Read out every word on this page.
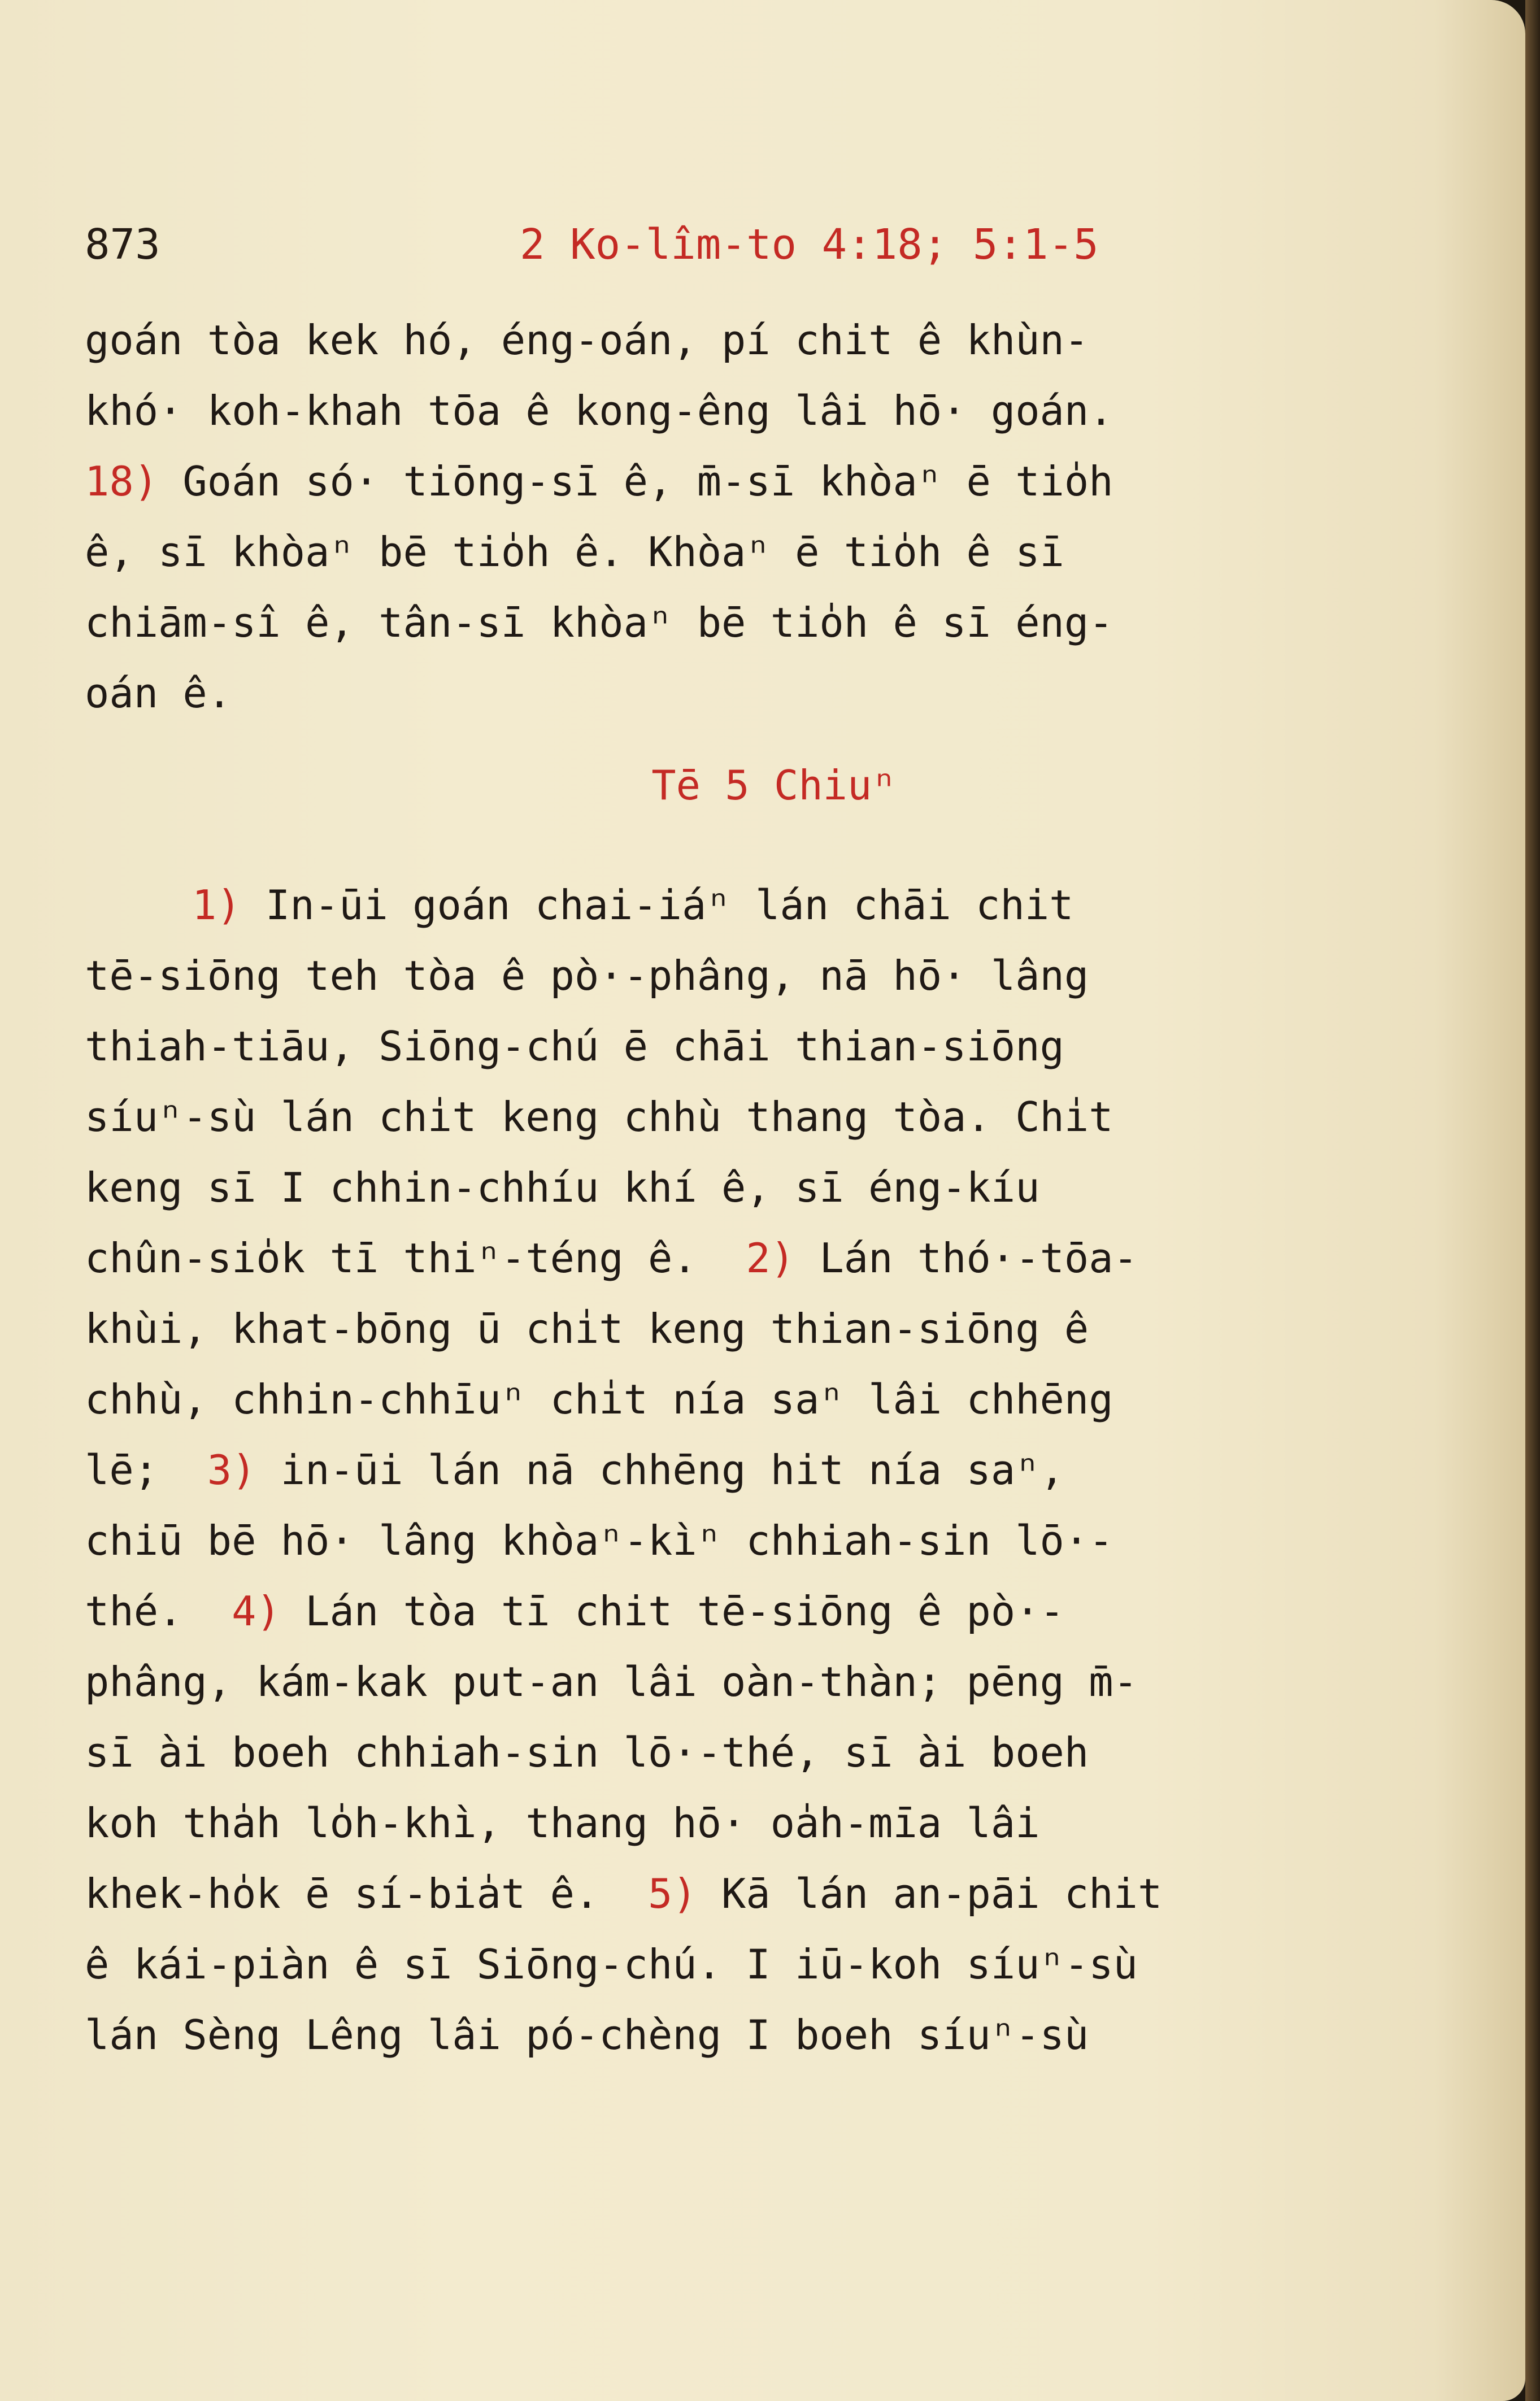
873	2 Ko-lîm-to 4:18; 5:1-5
goán tòa kek hó, éng-oán, pí chit ê khùn-
khó· koh-khah tōa ê kong-êng lâi hō· goán.
18) Goán só· tiōng-sī ê, m̄-sī khòaⁿ ē tio̍h
ê, sī khòaⁿ bē tio̍h ê. Khòaⁿ ē tio̍h ê sī
chiām-sî ê, tân-sī khòaⁿ bē tio̍h ê sī éng-
oán ê.
Tē 5 Chiuⁿ
1) In-ūi goán chai-iáⁿ lán chāi chit
tē-siōng teh tòa ê pò·-phâng, nā hō· lâng
thiah-tiāu, Siōng-chú ē chāi thian-siōng
síuⁿ-sù lán chi̍t keng chhù thang tòa. Chi̍t
keng sī I chhin-chhíu khí ê, sī éng-kíu
chûn-sio̍k tī thiⁿ-téng ê.  2) Lán thó·-tōa-
khùi, khat-bōng ū chi̍t keng thian-siōng ê
chhù, chhin-chhīuⁿ chi̍t nía saⁿ lâi chhēng
lē;  3) in-ūi lán nā chhēng hit nía saⁿ,
chiū bē hō· lâng khòaⁿ-kìⁿ chhiah-sin lō·-
thé.  4) Lán tòa tī chit tē-siōng ê pò·-
phâng, kám-kak put-an lâi oàn-thàn; pēng m̄-
sī ài boeh chhiah-sin lō·-thé, sī ài boeh
koh tha̍h lo̍h-khì, thang hō· oa̍h-mīa lâi
khek-ho̍k ē sí-bia̍t ê.  5) Kā lán an-pāi chit
ê kái-piàn ê sī Siōng-chú. I iū-koh síuⁿ-sù
lán Sèng Lêng lâi pó-chèng I boeh síuⁿ-sù
